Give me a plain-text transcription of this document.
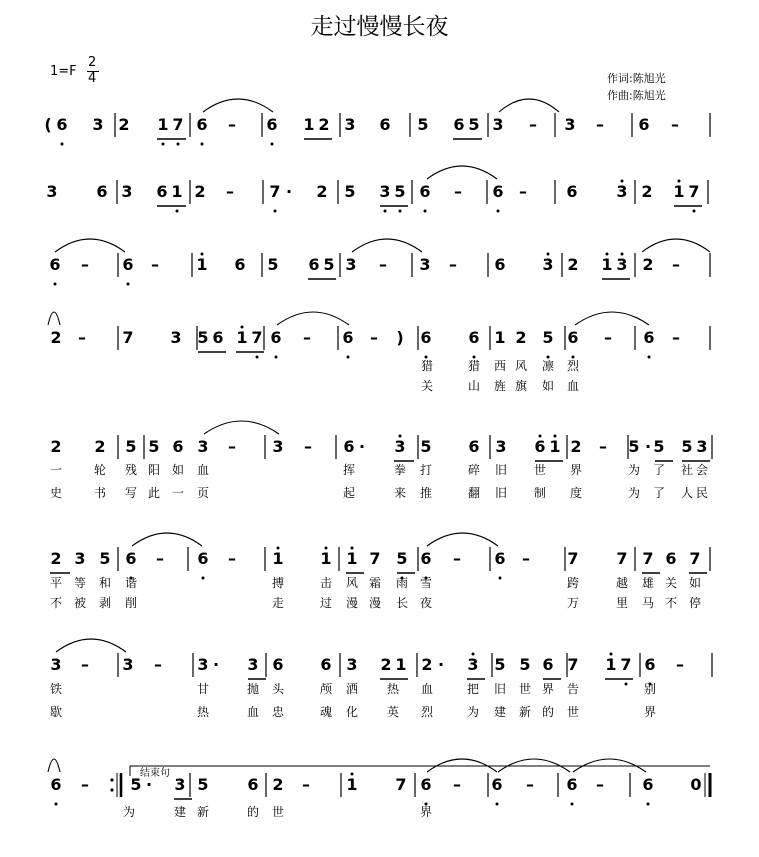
走过慢慢长夜
1=F
2
4	作词:陈旭光
作曲:陈旭光
( 6 3 2 1 7 6 – 6 1 2 3 6 5 6 5 3 – 3 – 6 –
3 6 3 6 1 2 – 7 · 2 5 3 5 6 – 6 – 6 3 2 1 7
6 – 6 – 1 6 5 6 5 3 – 3 – 6 3 2 1 3 2 –
2 – 7 3 5 6 1 7 6 – 6 – ) 6 6 1 2 5 6 – 6 –
猎	猎 西 风 凛 烈
关	山 旌 旗 如 血
2 2 5 5 6 3 – 3 – 6 · 3 5 6 3 6 1 2 – 5 · 5 5 3
一	轮 残 阳 如 血	挥	拳 打	碎 旧 世 界	为 了 社 会
史	书 写 此 一 页	起	来 推	翻 旧 制 度	为 了 人 民
2 3 5 6 – 6 – 1 1 1 7 5 6 – 6 – 7 7 7 6 7
平 等 和 谐	搏	击 风 霜 雨 雪	跨	越 雄 关 如
不 被 剥 削	走	过 漫 漫 长 夜	万	里 马 不 停
3 – 3 – 3 · 3 6 6 3 2 1 2 · 3 5 5 6 7 1 7 6 –
铁	甘	抛 头	颅 洒 热 血	把 旧 世 界 告	别
歇	热	血 忠	魂 化 英 烈	为 建 新 的 世	界
6 –	5 · 3 5 6 2 – 1 7 6 – 6 – 6 – 6 0
为	建 新	的 世	界
结束句
